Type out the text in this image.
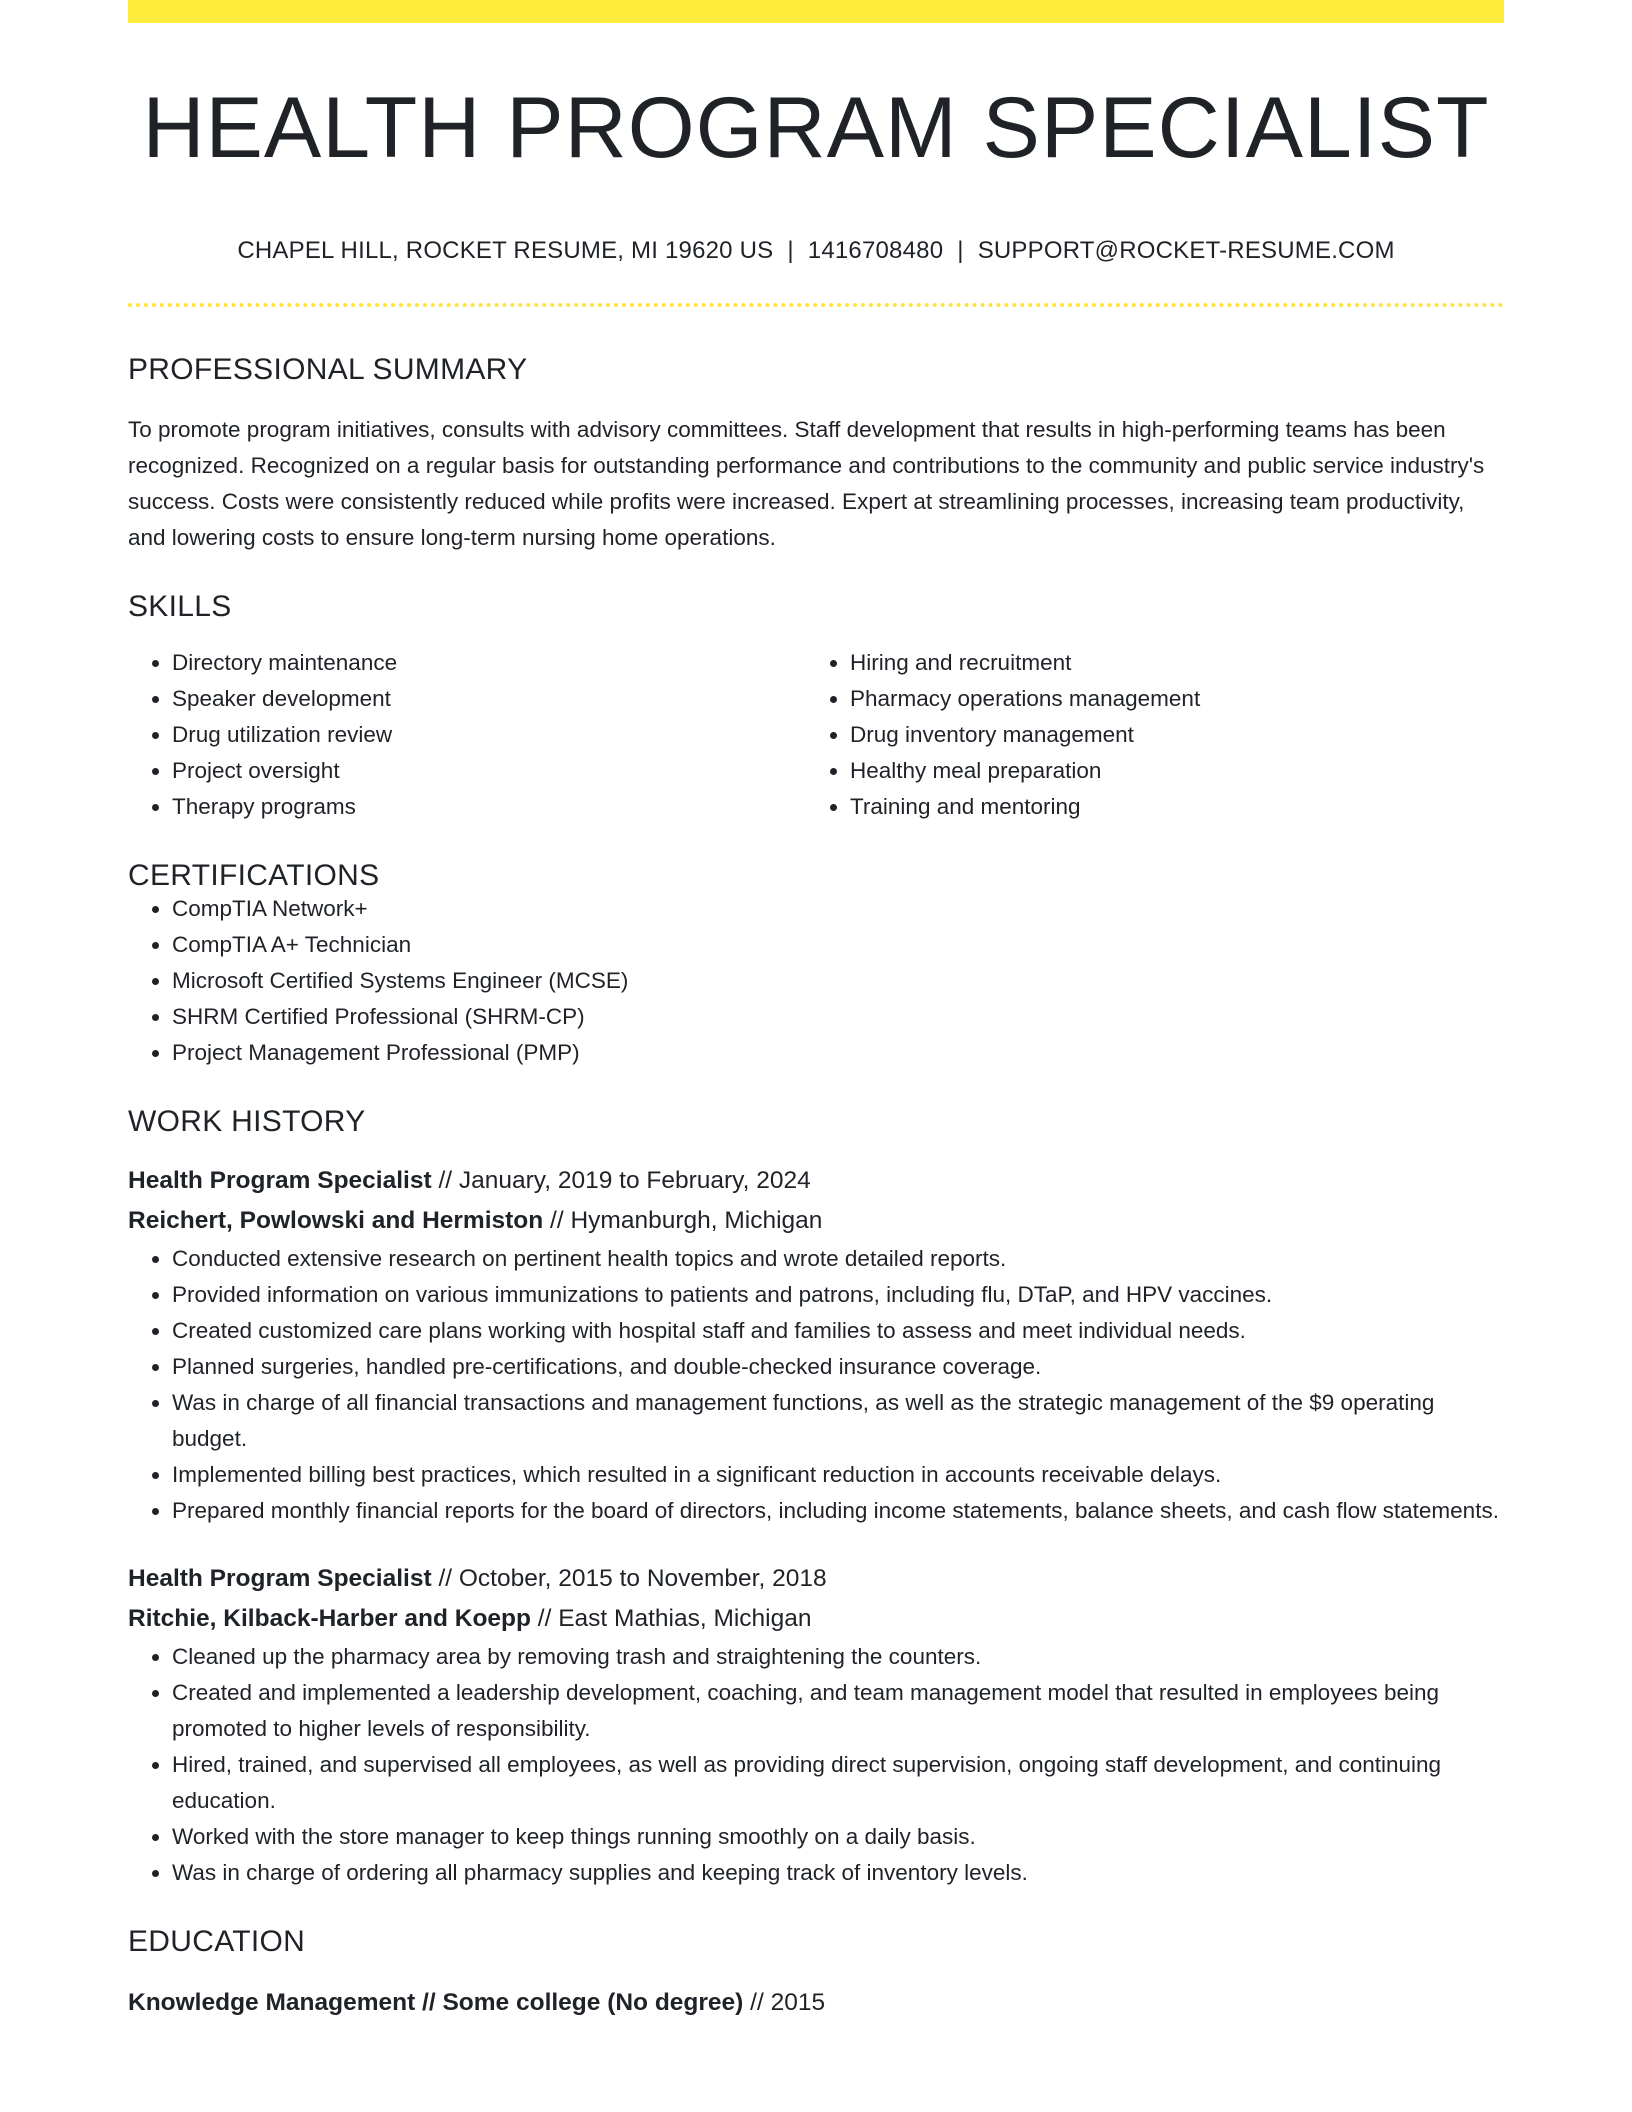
HEALTH PROGRAM SPECIALIST
CHAPEL HILL, ROCKET RESUME, MI 19620 US | 1416708480 | SUPPORT@ROCKET-RESUME.COM
PROFESSIONAL SUMMARY

To promote program initiatives, consults with advisory committees. Staff development that results in high-performing teams has been recognized. Recognized on a regular basis for outstanding performance and contributions to the community and public service industry's success. Costs were consistently reduced while profits were increased. Expert at streamlining processes, increasing team productivity, and lowering costs to ensure long-term nursing home operations.

SKILLS
• Directory maintenance
• Speaker development
• Drug utilization review
• Project oversight
• Therapy programs
• Hiring and recruitment
• Pharmacy operations management
• Drug inventory management
• Healthy meal preparation
• Training and mentoring
CERTIFICATIONS
• CompTIA Network+
• CompTIA A+ Technician
• Microsoft Certified Systems Engineer (MCSE)
• SHRM Certified Professional (SHRM-CP)
• Project Management Professional (PMP)
WORK HISTORY
Health Program Specialist // January, 2019 to February, 2024
Reichert, Powlowski and Hermiston // Hymanburgh, Michigan
• Conducted extensive research on pertinent health topics and wrote detailed reports.
• Provided information on various immunizations to patients and patrons, including flu, DTaP, and HPV vaccines.
• Created customized care plans working with hospital staff and families to assess and meet individual needs.
• Planned surgeries, handled pre-certifications, and double-checked insurance coverage.
• Was in charge of all financial transactions and management functions, as well as the strategic management of the $9 operating budget.
• Implemented billing best practices, which resulted in a significant reduction in accounts receivable delays.
• Prepared monthly financial reports for the board of directors, including income statements, balance sheets, and cash flow statements.
Health Program Specialist // October, 2015 to November, 2018
Ritchie, Kilback-Harber and Koepp // East Mathias, Michigan
• Cleaned up the pharmacy area by removing trash and straightening the counters.
• Created and implemented a leadership development, coaching, and team management model that resulted in employees being promoted to higher levels of responsibility.
• Hired, trained, and supervised all employees, as well as providing direct supervision, ongoing staff development, and continuing education.
• Worked with the store manager to keep things running smoothly on a daily basis.
• Was in charge of ordering all pharmacy supplies and keeping track of inventory levels.
EDUCATION
Knowledge Management // Some college (No degree) // 2015
